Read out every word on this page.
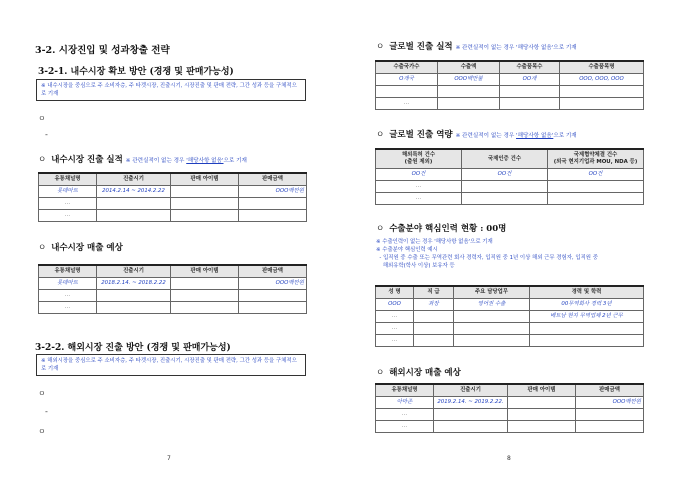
3-2. 시장진입 및 성과창출 전략
3-2-1. 내수시장 확보 방안 (경쟁 및 판매가능성)
※ 내수시장을 중심으로 주 소비자층, 주 타겟시장, 진출시기, 시장진출 및 판매 전략, 그간 성과 등을 구체적으로 기재
ㅇ
-
ㅇ 내수시장 진출 실적 ※ 관련실적이 없는 경우 '해당사항 없음'으로 기재
유통채널명	진출시기	판매 아이템	판매금액
롯데마트	2014.2.14 ~ 2014.2.22		OOO백만원
...			
...			
ㅇ 내수시장 매출 예상
유통채널명	진출시기	판매 아이템	판매금액
롯데마트	2018.2.14. ~ 2018.2.22		OOO백만원
...			
...			
3-2-2. 해외시장 진출 방안 (경쟁 및 판매가능성)
※ 해외시장을 중심으로 주 소비자층, 주 타겟시장, 진출시기, 시장진출 및 판매 전략, 그간 성과 등을 구체적으로 기재
ㅇ
-
ㅇ
7
ㅇ 글로벌 진출 실적 ※ 관련실적이 없는 경우 '해당사항 없음'으로 기재
수출국가수	수출액	수출품목수	수출품목명
O개국	OOO백만불	OO개	OOO, OOO, OOO

...			
ㅇ 글로벌 진출 역량 ※ 관련실적이 없는 경우 '해당사항 없음'으로 기재
해외특허 건수
(출원 제외)	국제인증 건수	국제협약체결 건수
(외국 현지기업과 MOU, NDA 등)
OO건	OO건	OO건
...		
...		
ㅇ 수출분야 핵심인력 현황 : 00명
※ 수출인력이 없는 경우 '해당사항 없음'으로 기재
※ 수출분야 핵심인력 예시
- 입직원 중 수출 또는 무역관련 회사 경력자, 입직원 중 1년 이상 해외 근무 경험자, 입직원 중
해외유학(학사 이상) 보유자 등
성 명	직 급	주요 담당업무	경력 및 학력
OOO	과장	영어권 수출	00무역회사 경력 3년
...			베트남 현지 무역업체 2년 근무
...			
...			
ㅇ 해외시장 매출 예상
유통채널명	진출시기	판매 아이템	판매금액
아마존	2019.2.14. ~ 2019.2.22.		OOO백만원
...			
...			
8
